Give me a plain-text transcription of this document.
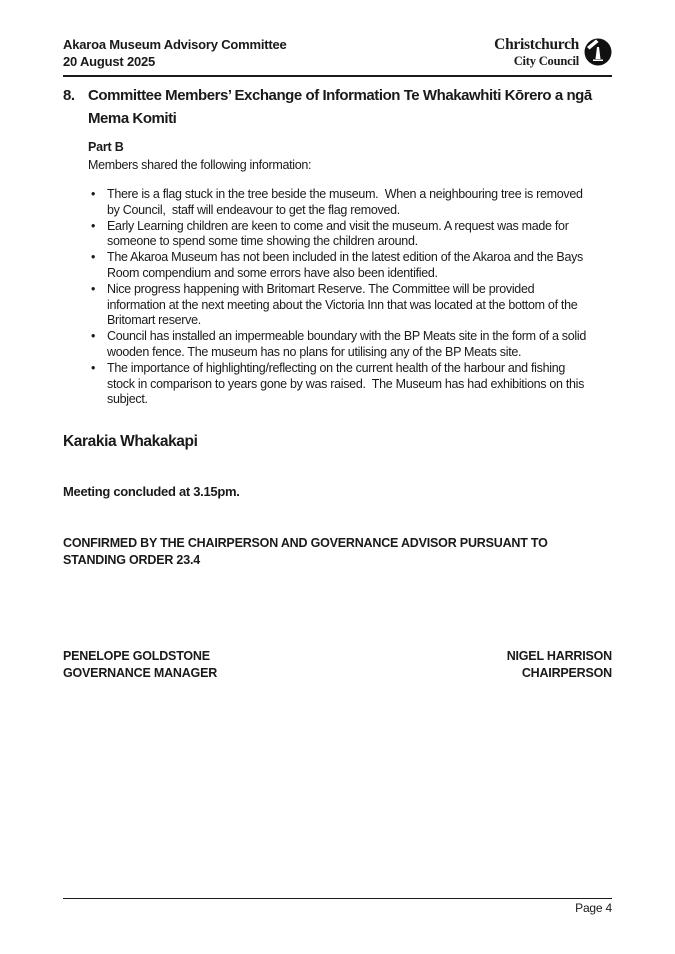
Akaroa Museum Advisory Committee
20 August 2025
Christchurch
City Council
8. Committee Members’ Exchange of Information Te Whakawhiti Kōrero a ngā Mema Komiti
Part B
Members shared the following information:
• There is a flag stuck in the tree beside the museum.  When a neighbouring tree is removed by Council,  staff will endeavour to get the flag removed.
• Early Learning children are keen to come and visit the museum. A request was made for someone to spend some time showing the children around.
• The Akaroa Museum has not been included in the latest edition of the Akaroa and the Bays Room compendium and some errors have also been identified.
• Nice progress happening with Britomart Reserve. The Committee will be provided information at the next meeting about the Victoria Inn that was located at the bottom of the Britomart reserve.
• Council has installed an impermeable boundary with the BP Meats site in the form of a solid wooden fence. The museum has no plans for utilising any of the BP Meats site.
• The importance of highlighting/reflecting on the current health of the harbour and fishing stock in comparison to years gone by was raised.  The Museum has had exhibitions on this subject.
Karakia Whakakapi
Meeting concluded at 3.15pm.
CONFIRMED BY THE CHAIRPERSON AND GOVERNANCE ADVISOR PURSUANT TO STANDING ORDER 23.4
PENELOPE GOLDSTONE
GOVERNANCE MANAGER
NIGEL HARRISON
CHAIRPERSON
Page 4
